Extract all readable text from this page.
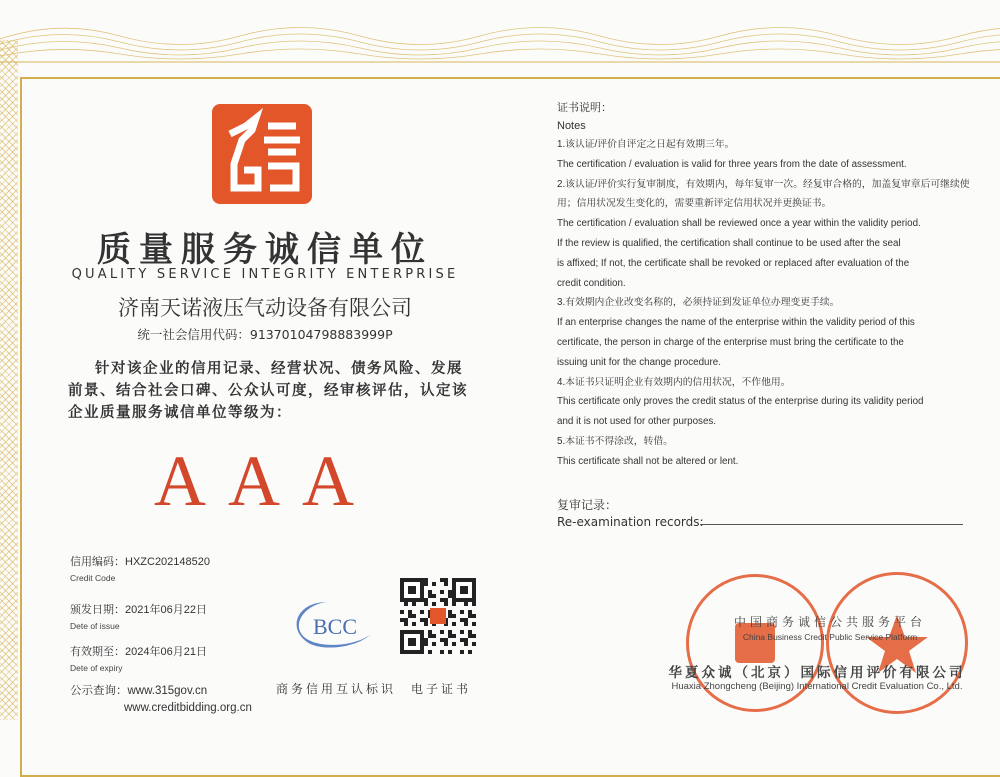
质量服务诚信单位
QUALITY SERVICE INTEGRITY ENTERPRISE
济南天诺液压气动设备有限公司
统一社会信用代码：91370104798883999P

针对该企业的信用记录、经营状况、债务风险、发展

前景、结合社会口碑、公众认可度，经审核评估，认定该

企业质量服务诚信单位等级为：

AAA
信用编码：HXZC202148520
Credit Code
颁发日期：2021年06月22日
Dete of issue
有效期至：2024年06月21日
Dete of expiry
公示查询：www.315gov.cn
www.creditbidding.org.cn
BCC
商务信用互认标识 电子证书
证书说明：
Notes
1.该认证/评价自评定之日起有效期三年。
The certification / evaluation is valid for three years from the date of assessment.
2.该认证/评价实行复审制度，有效期内，每年复审一次。经复审合格的，加盖复审章后可继续使
用；信用状况发生变化的，需要重新评定信用状况并更换证书。
The certification / evaluation shall be reviewed once a year within the validity period.
If the review is qualified, the certification shall continue to be used after the seal
is affixed; If not, the certificate shall be revoked or replaced after evaluation of the
credit condition.
3.有效期内企业改变名称的，必须持证到发证单位办理变更手续。
If an enterprise changes the name of the enterprise within the validity period of this
certificate, the person in charge of the enterprise must bring the certificate to the
issuing unit for the change procedure.
4.本证书只证明企业有效期内的信用状况，不作他用。
This certificate only proves the credit status of the enterprise during its validity period
and it is not used for other purposes.
5.本证书不得涂改，转借。
This certificate shall not be altered or lent.
复审记录：
Re-examination records:
中国商务诚信公共服务平台
China Business Credit Public Service Platform
华夏众诚（北京）国际信用评价有限公司
Huaxia Zhongcheng (Beijing) International Credit Evaluation Co., Ltd.
